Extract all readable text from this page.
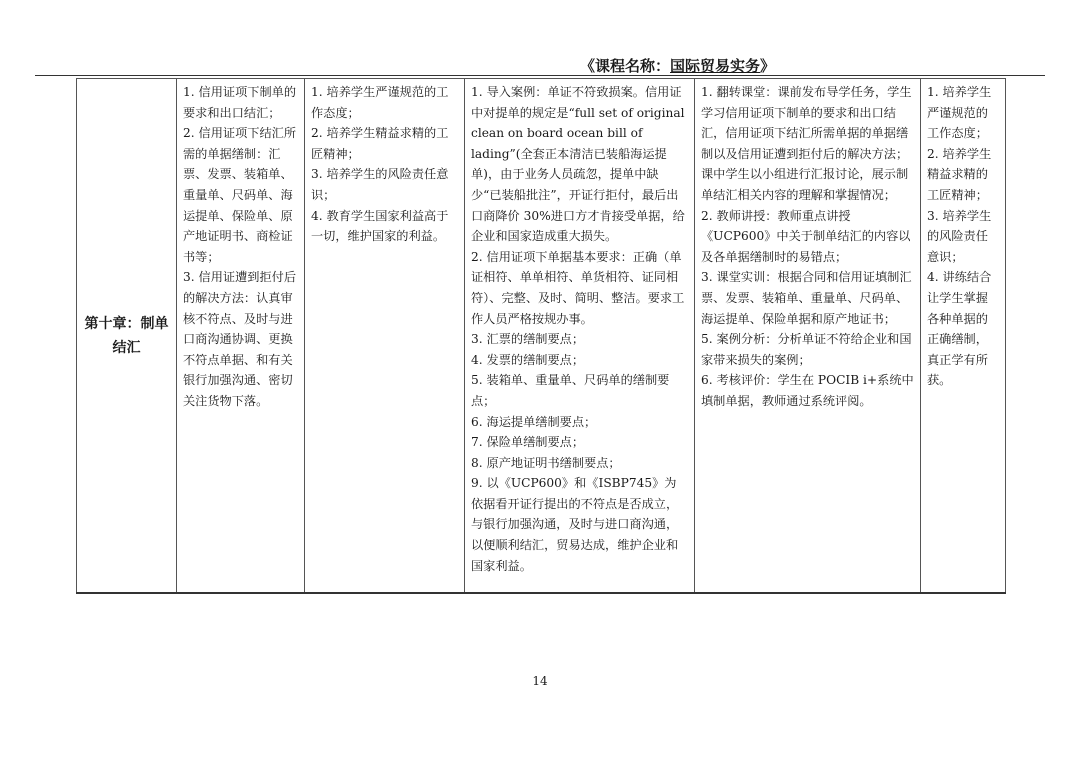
《课程名称：国际贸易实务》
第十章：制单结汇	
1. 信用证项下制单的要求和出口结汇；
2. 信用证项下结汇所需的单据缮制：汇票、发票、装箱单、重量单、尺码单、海运提单、保险单、原产地证明书、商检证书等；
3. 信用证遭到拒付后的解决方法：认真审核不符点、及时与进口商沟通协调、更换不符点单据、和有关银行加强沟通、密切关注货物下落。

1. 培养学生严谨规范的工作态度；
2. 培养学生精益求精的工匠精神；
3. 培养学生的风险责任意识；
4. 教育学生国家利益高于一切，维护国家的利益。

1. 导入案例：单证不符致损案。信用证中对提单的规定是“full set of original clean on board ocean bill of lading”(全套正本清洁已装船海运提单)，由于业务人员疏忽，提单中缺少“已装船批注”，开证行拒付，最后出口商降价 30%进口方才肯接受单据，给企业和国家造成重大损失。
2. 信用证项下单据基本要求：正确（单证相符、单单相符、单货相符、证同相符）、完整、及时、简明、整洁。要求工作人员严格按规办事。
3. 汇票的缮制要点；
4. 发票的缮制要点；
5. 装箱单、重量单、尺码单的缮制要点；
6. 海运提单缮制要点；
7. 保险单缮制要点；
8. 原产地证明书缮制要点；
9. 以《UCP600》和《ISBP745》为依据看开证行提出的不符点是否成立，与银行加强沟通，及时与进口商沟通，以便顺利结汇，贸易达成，维护企业和国家利益。

1. 翻转课堂：课前发布导学任务，学生学习信用证项下制单的要求和出口结汇，信用证项下结汇所需单据的单据缮制以及信用证遭到拒付后的解决方法；课中学生以小组进行汇报讨论，展示制单结汇相关内容的理解和掌握情况；
2. 教师讲授：教师重点讲授《UCP600》中关于制单结汇的内容以及各单据缮制时的易错点；
3. 课堂实训：根据合同和信用证填制汇票、发票、装箱单、重量单、尺码单、海运提单、保险单据和原产地证书；
5. 案例分析：分析单证不符给企业和国家带来损失的案例；
6. 考核评价：学生在 POCIB i+系统中填制单据，教师通过系统评阅。

1. 培养学生严谨规范的工作态度；
2. 培养学生精益求精的工匠精神；
3. 培养学生的风险责任意识；
4. 讲练结合让学生掌握各种单据的正确缮制，真正学有所获。
14
